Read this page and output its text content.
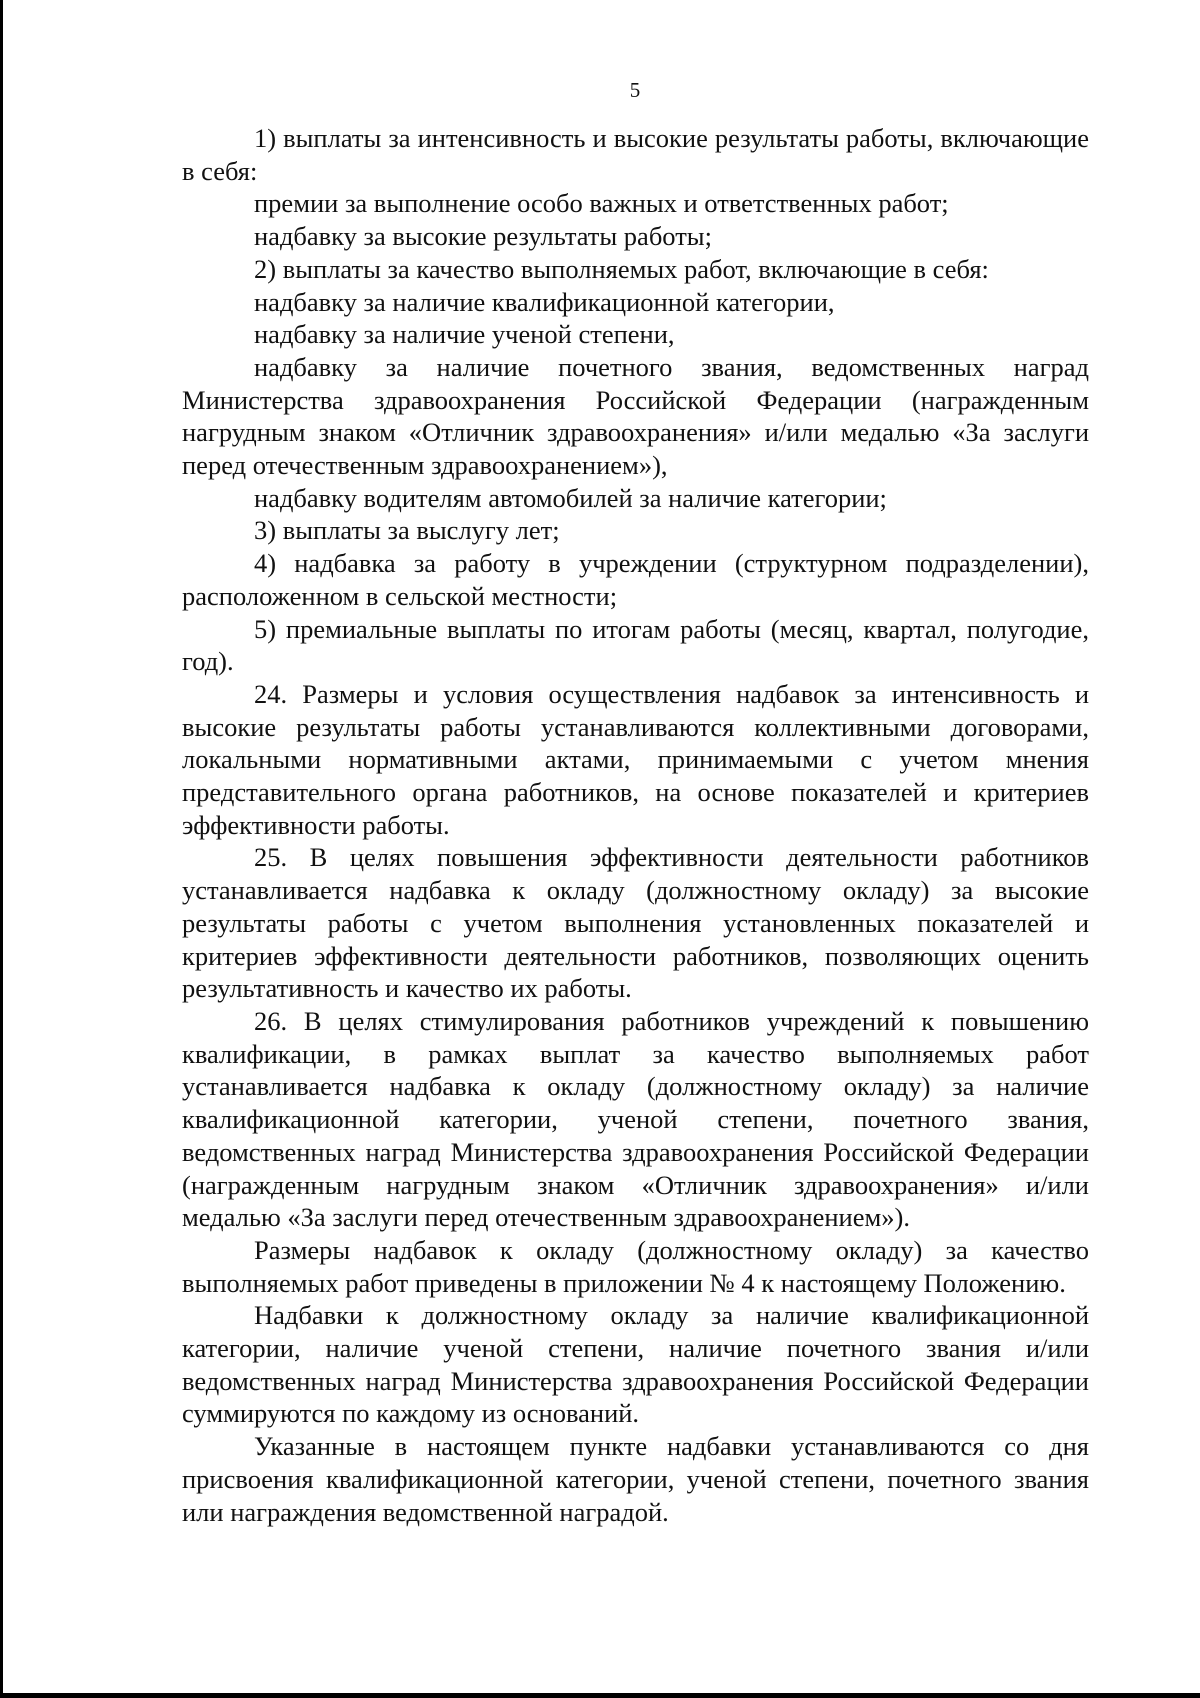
5

1) выплаты за интенсивность и высокие результаты работы, включающие в себя:

премии за выполнение особо важных и ответственных работ;

надбавку за высокие результаты работы;

2) выплаты за качество выполняемых работ, включающие в себя:

надбавку за наличие квалификационной категории,

надбавку за наличие ученой степени,

надбавку за наличие почетного звания, ведомственных наград Министерства здравоохранения Российской Федерации (награжденным нагрудным знаком «Отличник здравоохранения» и/или медалью «За заслуги перед отечественным здравоохранением»),

надбавку водителям автомобилей за наличие категории;

3) выплаты за выслугу лет;

4) надбавка за работу в учреждении (структурном подразделении), расположенном в сельской местности;

5) премиальные выплаты по итогам работы (месяц, квартал, полугодие, год).

24. Размеры и условия осуществления надбавок за интенсивность и высокие результаты работы устанавливаются коллективными договорами, локальными нормативными актами, принимаемыми с учетом мнения представительного органа работников, на основе показателей и критериев эффективности работы.

25. В целях повышения эффективности деятельности работников устанавливается надбавка к окладу (должностному окладу) за высокие результаты работы с учетом выполнения установленных показателей и критериев эффективности деятельности работников, позволяющих оценить результативность и качество их работы.

26. В целях стимулирования работников учреждений к повышению квалификации, в рамках выплат за качество выполняемых работ устанавливается надбавка к окладу (должностному окладу) за наличие квалификационной категории, ученой степени, почетного звания, ведомственных наград Министерства здравоохранения Российской Федерации (награжденным нагрудным знаком «Отличник здравоохранения» и/или медалью «За заслуги перед отечественным здравоохранением»).

Размеры надбавок к окладу (должностному окладу) за качество выполняемых работ приведены в приложении № 4 к настоящему Положению.

Надбавки к должностному окладу за наличие квалификационной категории, наличие ученой степени, наличие почетного звания и/или ведомственных наград Министерства здравоохранения Российской Федерации суммируются по каждому из оснований.

Указанные в настоящем пункте надбавки устанавливаются со дня присвоения квалификационной категории, ученой степени, почетного звания или награждения ведомственной наградой.
